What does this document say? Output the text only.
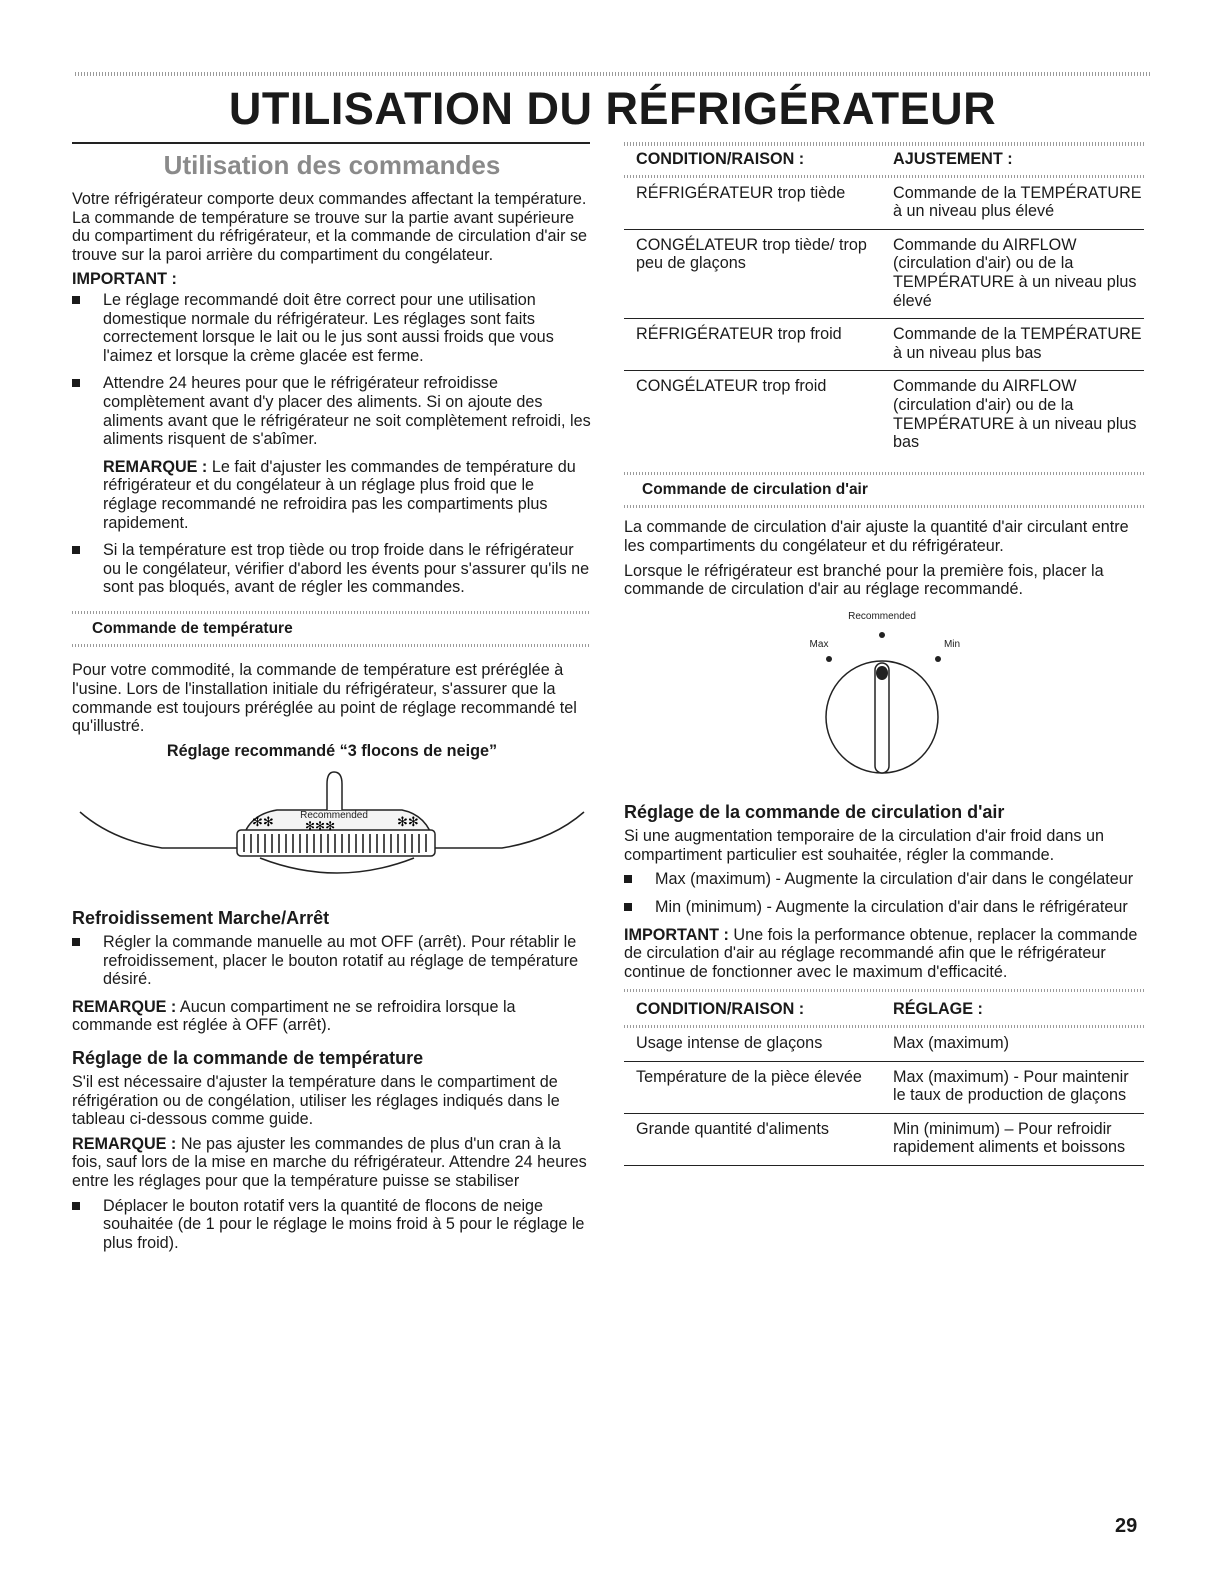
UTILISATION DU RÉFRIGÉRATEUR
Utilisation des commandes

Votre réfrigérateur comporte deux commandes affectant la température. La commande de température se trouve sur la partie avant supérieure du compartiment du réfrigérateur, et la commande de circulation d'air se trouve sur la paroi arrière du compartiment du congélateur.

IMPORTANT :
Le réglage recommandé doit être correct pour une utilisation domestique normale du réfrigérateur. Les réglages sont faits correctement lorsque le lait ou le jus sont aussi froids que vous l'aimez et lorsque la crème glacée est ferme.
Attendre 24 heures pour que le réfrigérateur refroidisse complètement avant d'y placer des aliments. Si on ajoute des aliments avant que le réfrigérateur ne soit complètement refroidi, les aliments risquent de s'abîmer.
REMARQUE : Le fait d'ajuster les commandes de température du réfrigérateur et du congélateur à un réglage plus froid que le réglage recommandé ne refroidira pas les compartiments plus rapidement.
Si la température est trop tiède ou trop froide dans le réfrigérateur ou le congélateur, vérifier d'abord les évents pour s'assurer qu'ils ne sont pas bloqués, avant de régler les commandes.
Commande de température

Pour votre commodité, la commande de température est préréglée à l'usine. Lors de l'installation initiale du réfrigérateur, s'assurer que la commande est toujours préréglée au point de réglage recommandé tel qu'illustré.

Réglage recommandé “3 flocons de neige”
✻✻	✻✻✻	✻✻
Recommended
Refroidissement Marche/Arrêt
Régler la commande manuelle au mot OFF (arrêt). Pour rétablir le refroidissement, placer le bouton rotatif au réglage de température désiré.

REMARQUE : Aucun compartiment ne se refroidira lorsque la commande est réglée à OFF (arrêt).

Réglage de la commande de température

S'il est nécessaire d'ajuster la température dans le compartiment de réfrigération ou de congélation, utiliser les réglages indiqués dans le tableau ci-dessous comme guide.

REMARQUE : Ne pas ajuster les commandes de plus d'un cran à la fois, sauf lors de la mise en marche du réfrigérateur. Attendre 24 heures entre les réglages pour que la température puisse se stabiliser

Déplacer le bouton rotatif vers la quantité de flocons de neige souhaitée (de 1 pour le réglage le moins froid à 5 pour le réglage le plus froid).
CONDITION/RAISON :	AJUSTEMENT :

RÉFRIGÉRATEUR trop tiède	Commande de la TEMPÉRATURE à un niveau plus élevé
CONGÉLATEUR trop tiède/ trop peu de glaçons	Commande du AIRFLOW (circulation d'air) ou de la TEMPÉRATURE à un niveau plus élevé
RÉFRIGÉRATEUR trop froid	Commande de la TEMPÉRATURE à un niveau plus bas
CONGÉLATEUR trop froid	Commande du AIRFLOW (circulation d'air) ou de la TEMPÉRATURE à un niveau plus bas
Commande de circulation d'air

La commande de circulation d'air ajuste la quantité d'air circulant entre les compartiments du congélateur et du réfrigérateur.

Lorsque le réfrigérateur est branché pour la première fois, placer la commande de circulation d'air au réglage recommandé.

Recommended
Max	Min
Réglage de la commande de circulation d'air

Si une augmentation temporaire de la circulation d'air froid dans un compartiment particulier est souhaitée, régler la commande.

Max (maximum) - Augmente la circulation d'air dans le congélateur
Min (minimum) - Augmente la circulation d'air dans le réfrigérateur

IMPORTANT : Une fois la performance obtenue, replacer la commande de circulation d'air au réglage recommandé afin que le réfrigérateur continue de fonctionner avec le maximum d'efficacité.

CONDITION/RAISON :	RÉGLAGE :

Usage intense de glaçons	Max (maximum)
Température de la pièce élevée	Max (maximum) - Pour maintenir le taux de production de glaçons
Grande quantité d'aliments	Min (minimum) – Pour refroidir rapidement aliments et boissons
29
